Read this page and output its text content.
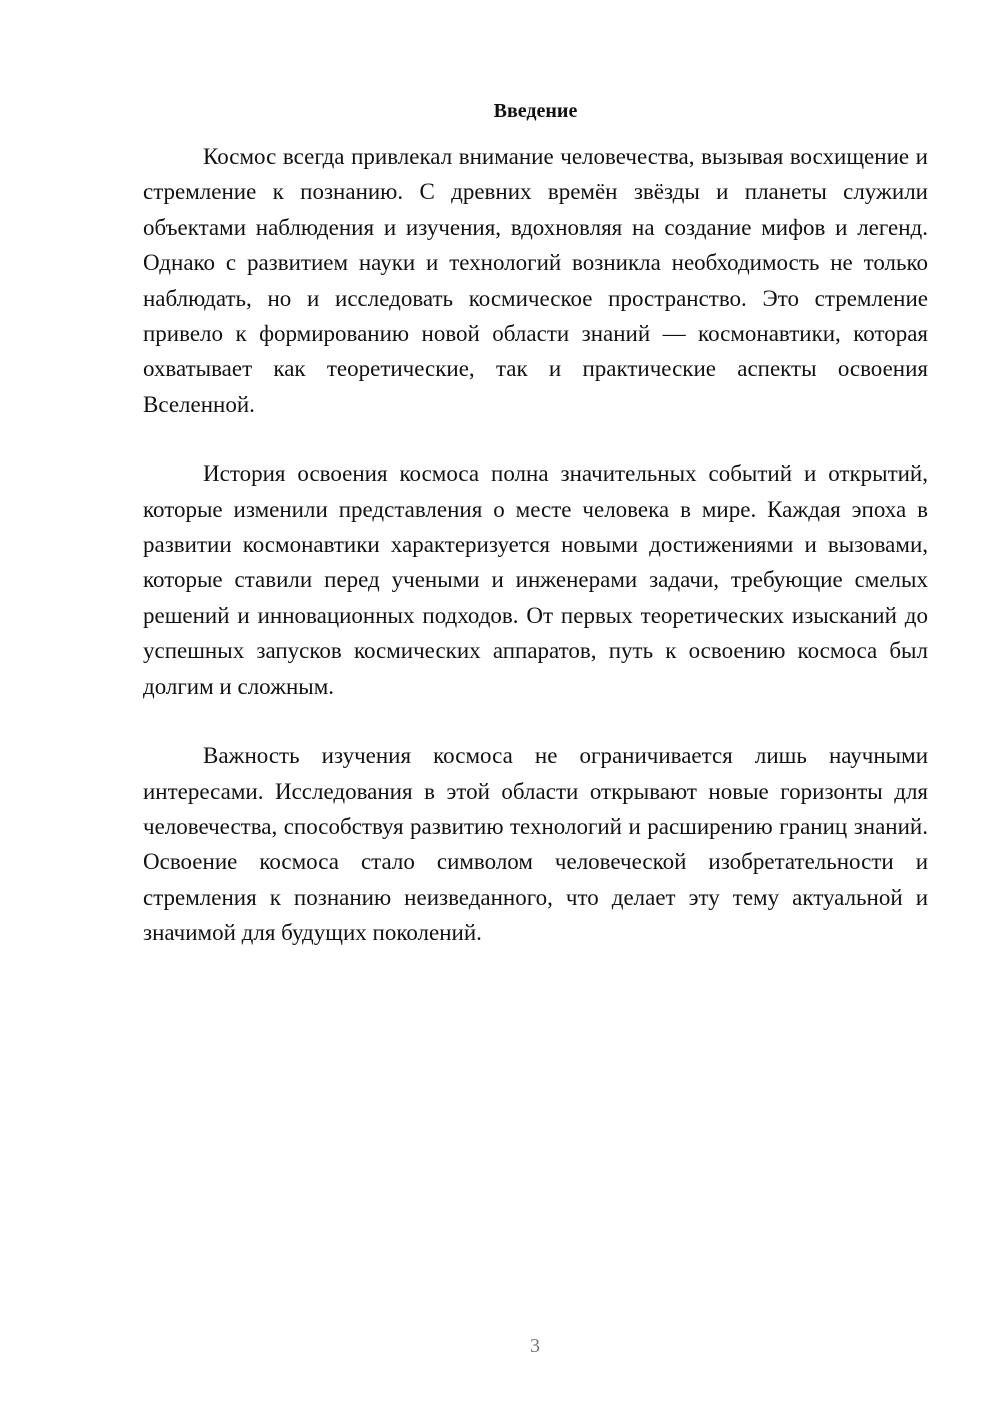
Введение

Космос всегда привлекал внимание человечества, вызывая восхищение и стремление к познанию. С древних времён звёзды и планеты служили объектами наблюдения и изучения, вдохновляя на создание мифов и легенд. Однако с развитием науки и технологий возникла необходимость не только наблюдать, но и исследовать космическое пространство. Это стремление привело к формированию новой области знаний — космонавтики, которая охватывает как теоретические, так и практические аспекты освоения Вселенной.

История освоения космоса полна значительных событий и открытий, которые изменили представления о месте человека в мире. Каждая эпоха в развитии космонавтики характеризуется новыми достижениями и вызовами, которые ставили перед учеными и инженерами задачи, требующие смелых решений и инновационных подходов. От первых теоретических изысканий до успешных запусков космических аппаратов, путь к освоению космоса был долгим и сложным.

Важность изучения космоса не ограничивается лишь научными интересами. Исследования в этой области открывают новые горизонты для человечества, способствуя развитию технологий и расширению границ знаний. Освоение космоса стало символом человеческой изобретательности и стремления к познанию неизведанного, что делает эту тему актуальной и значимой для будущих поколений.

3
